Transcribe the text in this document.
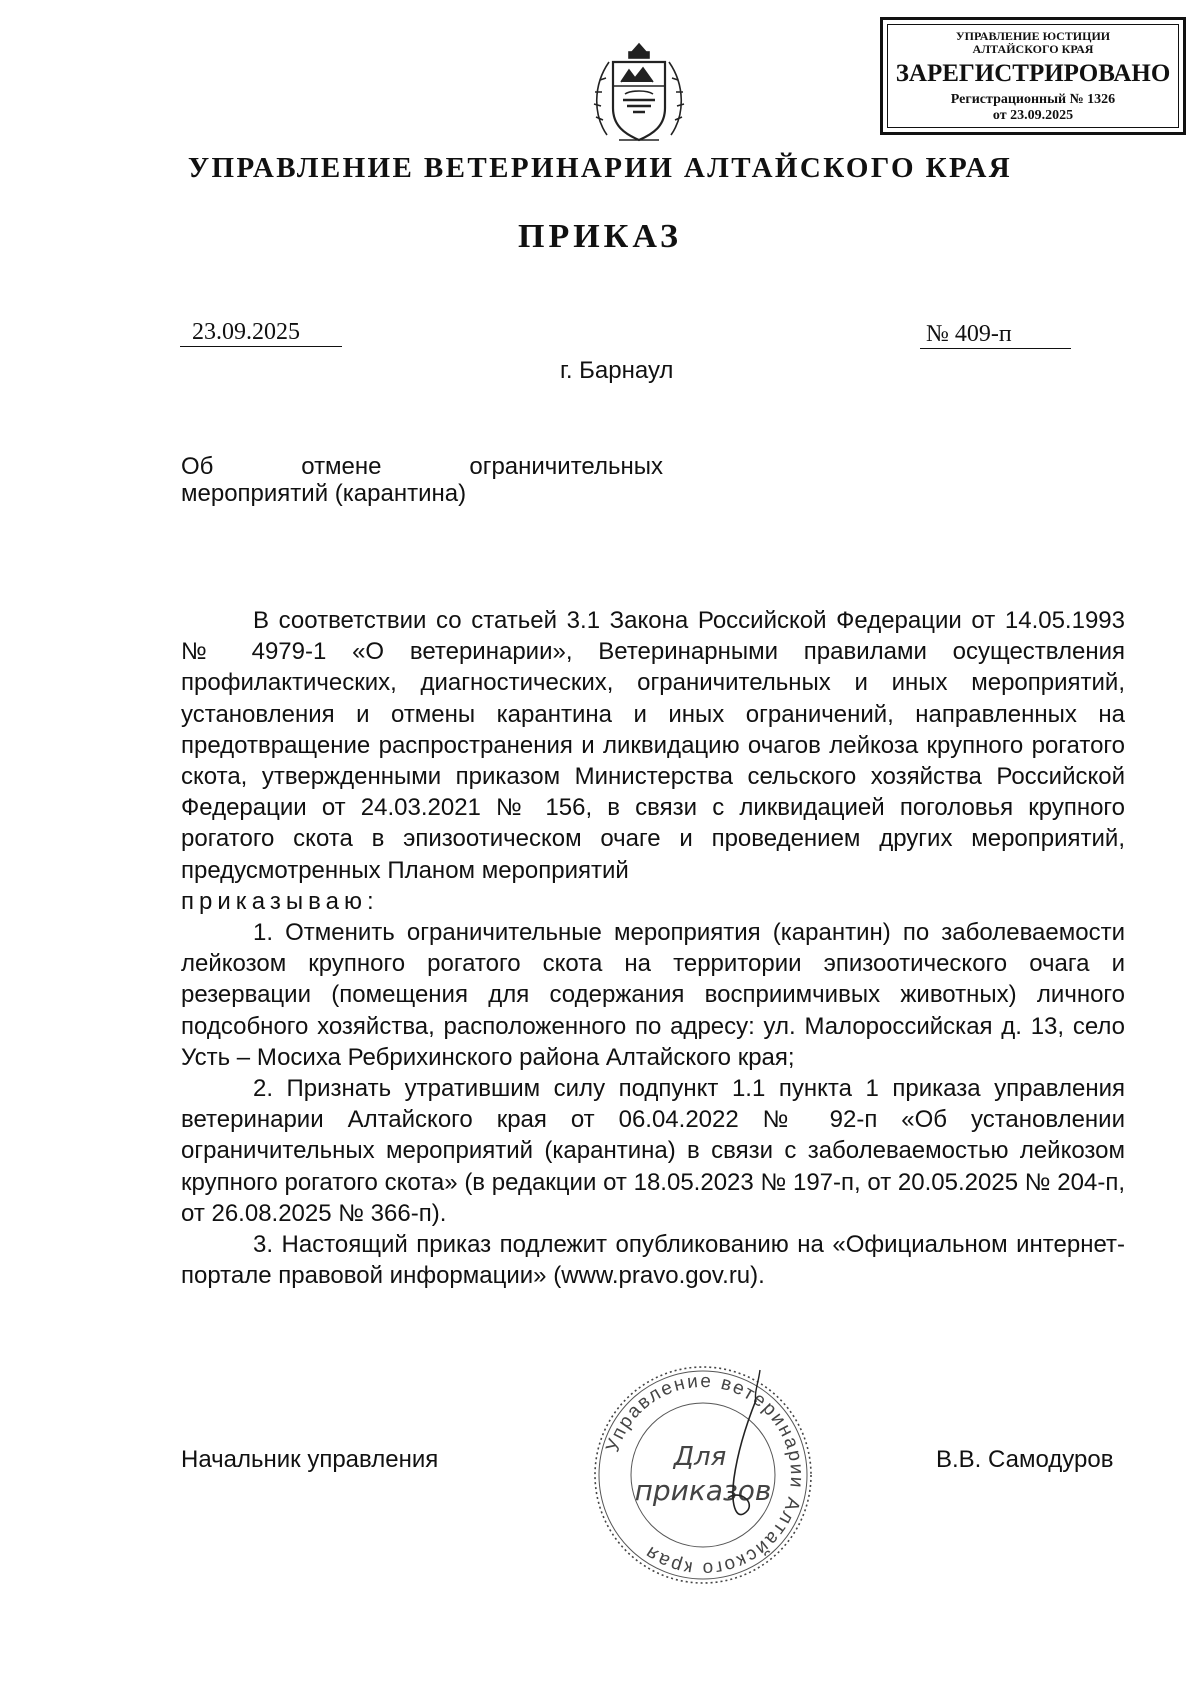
УПРАВЛЕНИЕ ЮСТИЦИИ
АЛТАЙСКОГО КРАЯ
ЗАРЕГИСТРИРОВАНО
Регистрационный № 1326
от 23.09.2025
УПРАВЛЕНИЕ ВЕТЕРИНАРИИ АЛТАЙСКОГО КРАЯ
ПРИКАЗ
23.09.2025	№ 409-п
г. Барнаул
Об отмене ограничительных
мероприятий (карантина)

В соответствии со статьей 3.1 Закона Российской Федерации от 14.05.1993 № 4979-1 «О ветеринарии», Ветеринарными правилами осуществления профилактических, диагностических, ограничительных и иных мероприятий, установления и отмены карантина и иных ограничений, направленных на предотвращение распространения и ликвидацию очагов лейкоза крупного рогатого скота, утвержденными приказом Министерства сельского хозяйства Российской Федерации от 24.03.2021 № 156, в связи с ликвидацией поголовья крупного рогатого скота в эпизоотическом очаге и проведением других мероприятий, предусмотренных Планом мероприятий

приказываю:

1. Отменить ограничительные мероприятия (карантин) по заболеваемости лейкозом крупного рогатого скота на территории эпизоотического очага и резервации (помещения для содержания восприимчивых животных) личного подсобного хозяйства, расположенного по адресу: ул. Малороссийская д. 13, село Усть – Мосиха Ребрихинского района Алтайского края;

2. Признать утратившим силу подпункт 1.1 пункта 1 приказа управления ветеринарии Алтайского края от 06.04.2022 № 92-п «Об установлении ограничительных мероприятий (карантина) в связи с заболеваемостью лейкозом крупного рогатого скота» (в редакции от 18.05.2023 № 197-п, от 20.05.2025 № 204-п, от 26.08.2025 № 366-п).

3. Настоящий приказ подлежит опубликованию на «Официальном интернет-портале правовой информации» (www.pravo.gov.ru).

Начальник управления
Управление ветеринарии Алтайского края
Для
приказов
В.В. Самодуров
